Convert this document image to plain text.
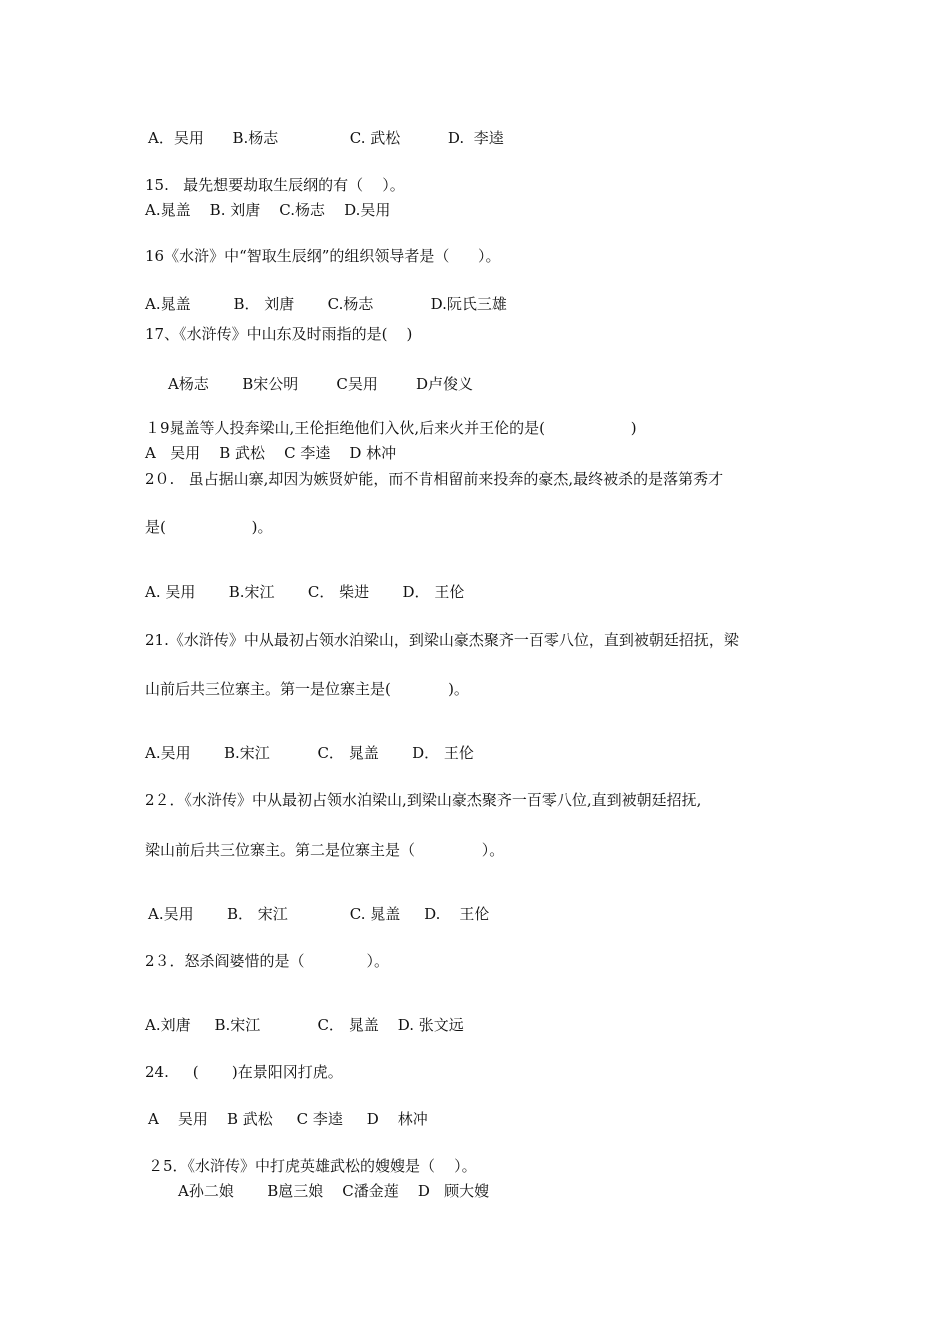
A．吴用      B.杨志               C. 武松          D.  李逵
15.   最先想要劫取生辰纲的有（    ）。
A.晁盖    B. 刘唐    C.杨志    D.吴用
16《水浒》中“智取生辰纲”的组织领导者是（      ）。
A.晁盖         B． 刘唐       C.杨志            D.阮氏三雄
17、《水浒传》中山东及时雨指的是(    )
A杨志       B宋公明        C吴用        D卢俊义
１9晁盖等人投奔梁山,王伦拒绝他们入伙,后来火并王伦的是(                  )
A   吴用    B 武松    C 李逵    D 林冲
2０.   虽占据山寨,却因为嫉贤妒能，而不肯相留前来投奔的豪杰,最终被杀的是落第秀才
是(                  )。
A. 吴用       B.宋江       C． 柴进       D． 王伦
21.《水浒传》中从最初占领水泊梁山，到梁山豪杰聚齐一百零八位，直到被朝廷招抚，梁
山前后共三位寨主。第一是位寨主是(            )。
A.吴用       B.宋江          C． 晁盖       D． 王伦
2２．《水浒传》中从最初占领水泊梁山,到梁山豪杰聚齐一百零八位,直到被朝廷招抚,
梁山前后共三位寨主。第二是位寨主是（              ）。
A.吴用       B． 宋江             C. 晁盖     D.    王伦
2３．怒杀阎婆惜的是（             ）。
A.刘唐     B.宋江            C． 晁盖    D. 张文远
24.     (       )在景阳冈打虎。
A    吴用    B 武松     C 李逵     D    林冲
２5．《水浒传》中打虎英雄武松的嫂嫂是（    ）。
A孙二娘       B扈三娘    C潘金莲    D   顾大嫂
